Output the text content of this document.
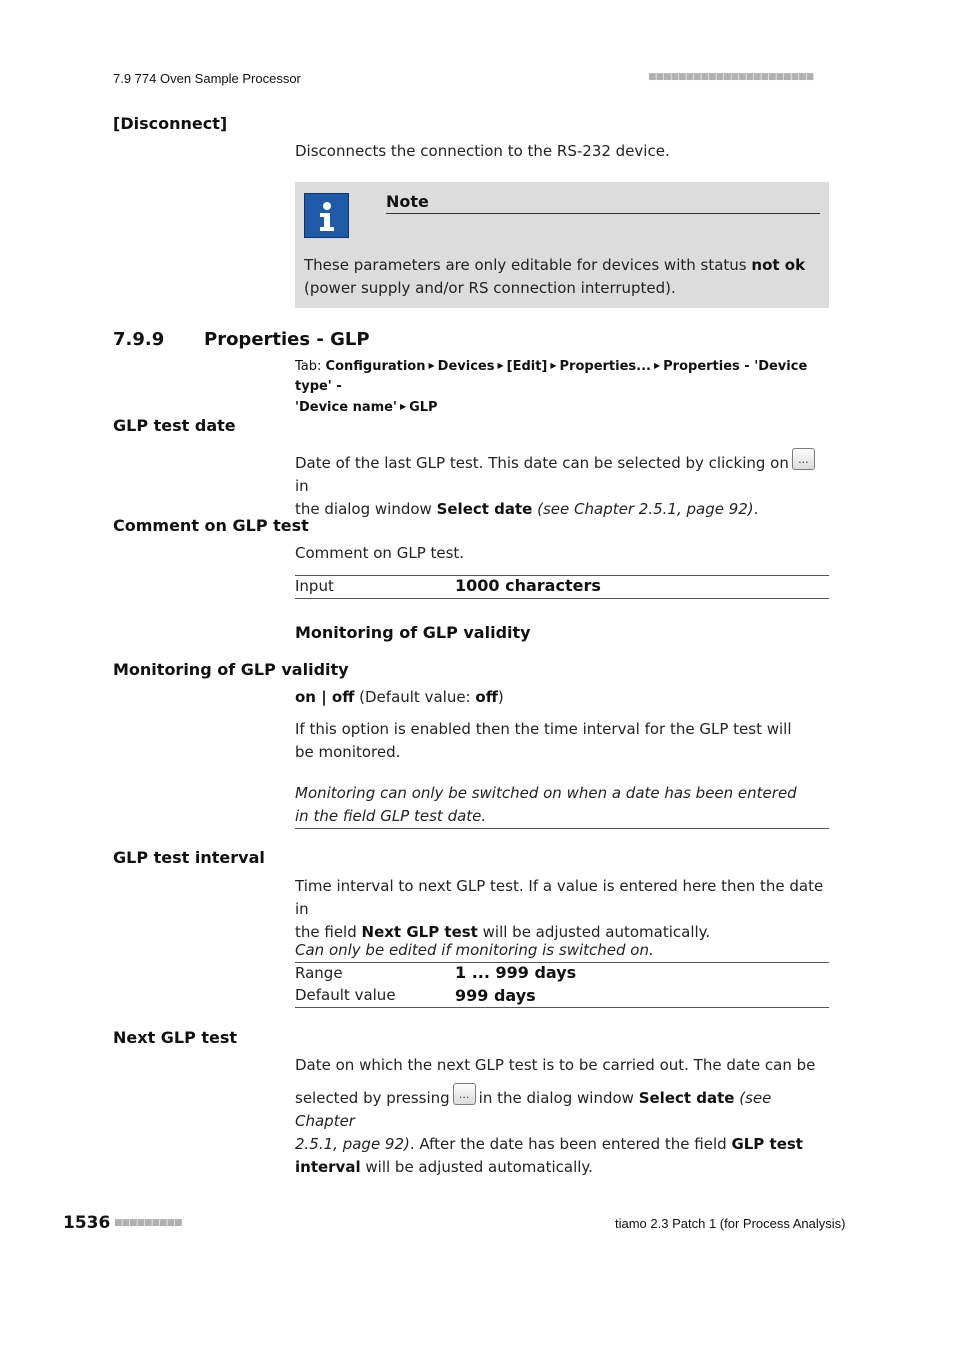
7.9 774 Oven Sample Processor	■■■■■■■■■■■■■■■■■■■■■■
[Disconnect]
Disconnects the connection to the RS-232 device.
Note
These parameters are only editable for devices with status not ok
(power supply and/or RS connection interrupted).
7.9.9 Properties - GLP
Tab: Configuration ▶ Devices ▶ [Edit] ▶ Properties... ▶ Properties - 'Device type' -
'Device name' ▶ GLP
GLP test date
Date of the last GLP test. This date can be selected by clicking on ···
in
the dialog window Select date (see Chapter 2.5.1, page 92).
Comment on GLP test
Comment on GLP test.
Input	1000 characters
Monitoring of GLP validity
Monitoring of GLP validity
on | off (Default value: off)
If this option is enabled then the time interval for the GLP test will be monitored.
Monitoring can only be switched on when a date has been entered in the field GLP test date.
GLP test interval
Time interval to next GLP test. If a value is entered here then the date in
the field Next GLP test will be adjusted automatically.
Can only be edited if monitoring is switched on.
Range	1 ... 999 days
Default value	999 days
Next GLP test
Date on which the next GLP test is to be carried out. The date can be
selected by pressing ··· in the dialog window Select date (see Chapter
2.5.1, page 92). After the date has been entered the field GLP test
interval will be adjusted automatically.
1536 ■■■■■■■■■	tiamo 2.3 Patch 1 (for Process Analysis)
